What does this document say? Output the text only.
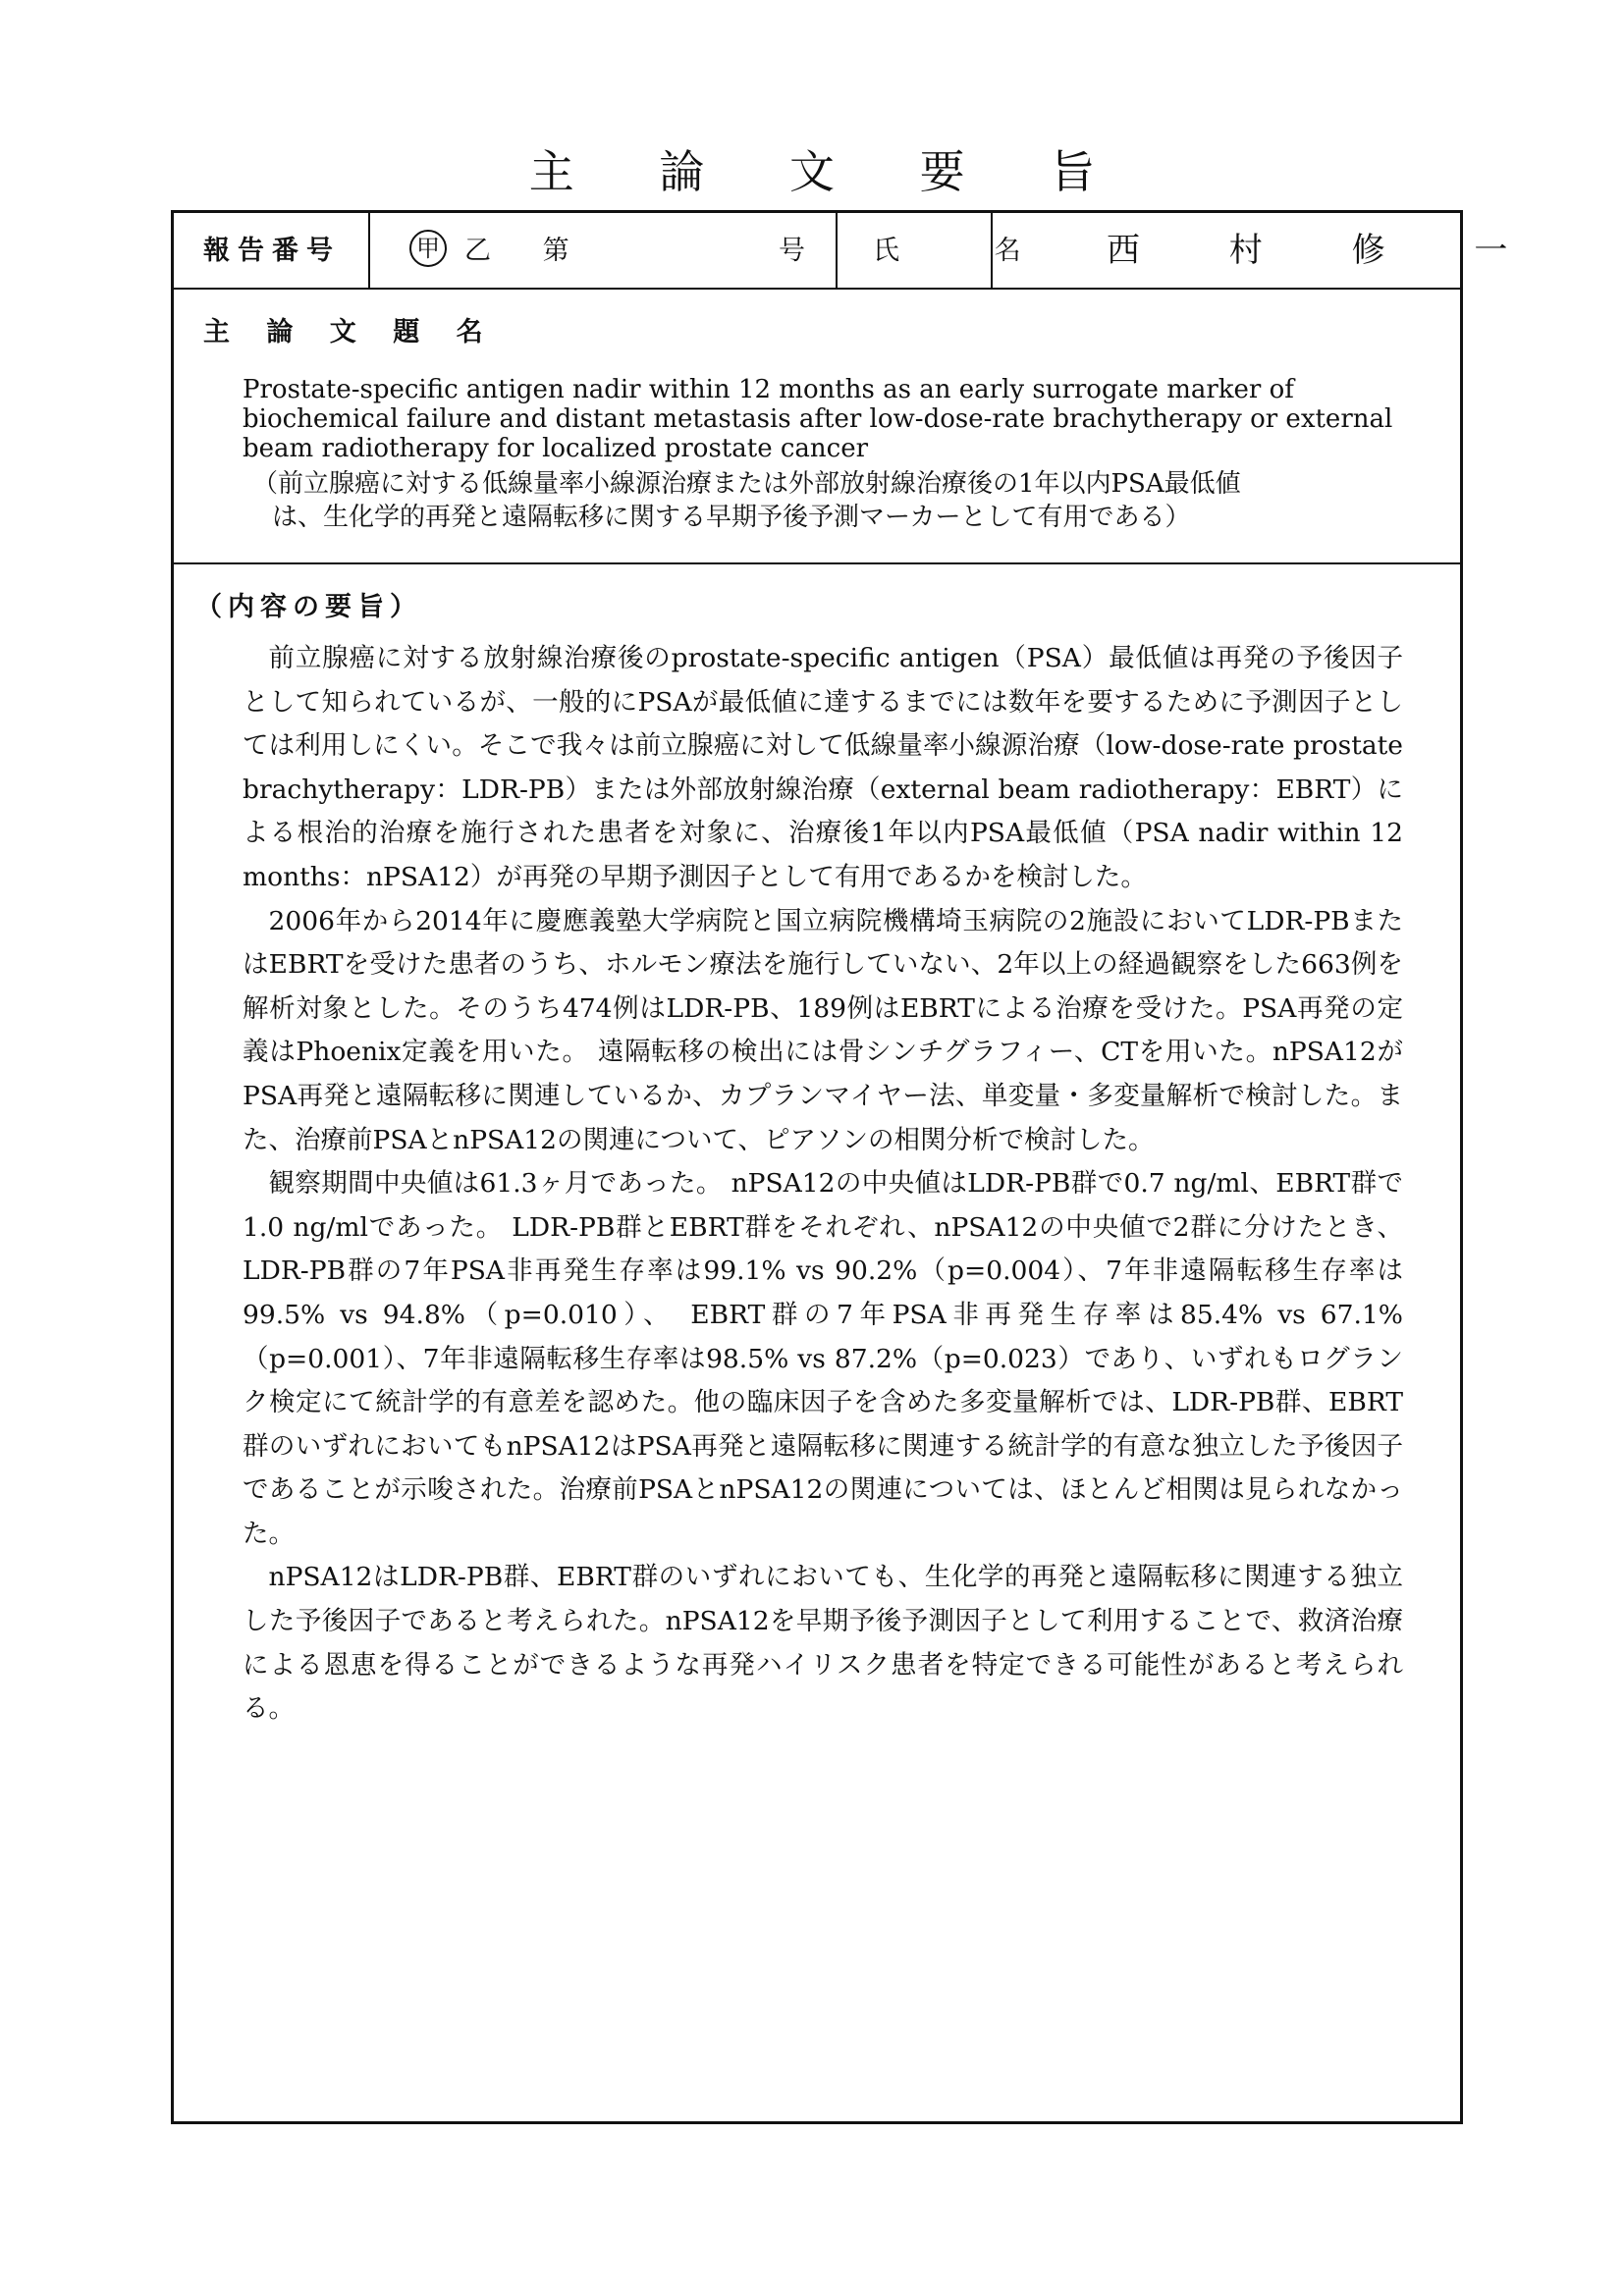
主 論 文 要 旨
報告番号	甲 乙 第	号	氏 名 西 村 修 一
主 論 文 題 名

Prostate-specific antigen nadir within 12 months as an early surrogate marker of biochemical failure and distant metastasis after low-dose-rate brachytherapy or external beam radiotherapy for localized prostate cancer

（前立腺癌に対する低線量率小線源治療または外部放射線治療後の1年以内PSA最低値

は、生化学的再発と遠隔転移に関する早期予後予測マーカーとして有用である）

（内容の要旨）

前立腺癌に対する放射線治療後のprostate-specific antigen（PSA）最低値は再発の予後因子として知られているが、一般的にPSAが最低値に達するまでには数年を要するために予測因子としては利用しにくい。そこで我々は前立腺癌に対して低線量率小線源治療（low-dose-rate prostate brachytherapy：LDR-PB）または外部放射線治療（external beam radiotherapy：EBRT）による根治的治療を施行された患者を対象に、治療後1年以内PSA最低値（PSA nadir within 12 months：nPSA12）が再発の早期予測因子として有用であるかを検討した。

2006年から2014年に慶應義塾大学病院と国立病院機構埼玉病院の2施設においてLDR-PBまたはEBRTを受けた患者のうち、ホルモン療法を施行していない、2年以上の経過観察をした663例を解析対象とした。そのうち474例はLDR-PB、189例はEBRTによる治療を受けた。PSA再発の定義はPhoenix定義を用いた。 遠隔転移の検出には骨シンチグラフィー、CTを用いた。nPSA12がPSA再発と遠隔転移に関連しているか、カプランマイヤー法、単変量・多変量解析で検討した。また、治療前PSAとnPSA12の関連について、ピアソンの相関分析で検討した。

観察期間中央値は61.3ヶ月であった。 nPSA12の中央値はLDR-PB群で0.7 ng/ml、EBRT群で1.0 ng/mlであった。 LDR-PB群とEBRT群をそれぞれ、nPSA12の中央値で2群に分けたとき、LDR-PB群の7年PSA非再発生存率は99.1% vs 90.2%（p=0.004）、7年非遠隔転移生存率は99.5% vs 94.8%（p=0.010）、 EBRT群の7年PSA非再発生存率は85.4% vs 67.1%（p=0.001）、7年非遠隔転移生存率は98.5% vs 87.2%（p=0.023）であり、いずれもログランク検定にて統計学的有意差を認めた。他の臨床因子を含めた多変量解析では、LDR-PB群、EBRT群のいずれにおいてもnPSA12はPSA再発と遠隔転移に関連する統計学的有意な独立した予後因子であることが示唆された。治療前PSAとnPSA12の関連については、ほとんど相関は見られなかった。

nPSA12はLDR-PB群、EBRT群のいずれにおいても、生化学的再発と遠隔転移に関連する独立した予後因子であると考えられた。nPSA12を早期予後予測因子として利用することで、救済治療による恩恵を得ることができるような再発ハイリスク患者を特定できる可能性があると考えられる。
